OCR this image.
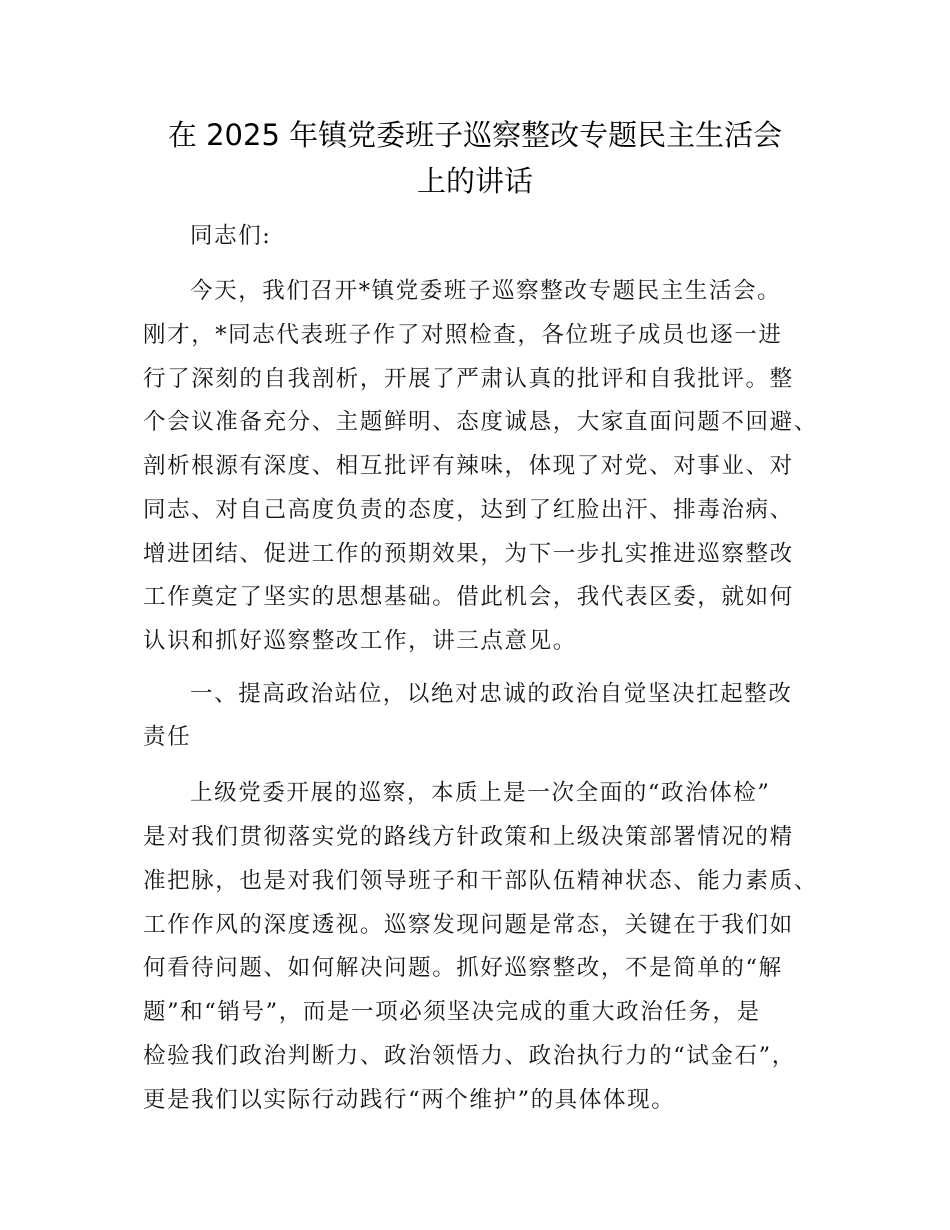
在 2025 年镇党委班子巡察整改专题民主生活会
上的讲话
同志们:
今天，我们召开*镇党委班子巡察整改专题民主生活会。
刚才，*同志代表班子作了对照检查，各位班子成员也逐一进
行了深刻的自我剖析，开展了严肃认真的批评和自我批评。整
个会议准备充分、主题鲜明、态度诚恳，大家直面问题不回避、
剖析根源有深度、相互批评有辣味，体现了对党、对事业、对
同志、对自己高度负责的态度，达到了红脸出汗、排毒治病、
增进团结、促进工作的预期效果，为下一步扎实推进巡察整改
工作奠定了坚实的思想基础。借此机会，我代表区委，就如何
认识和抓好巡察整改工作，讲三点意见。
一、提高政治站位，以绝对忠诚的政治自觉坚决扛起整改
责任
上级党委开展的巡察，本质上是一次全面的“政治体检”
是对我们贯彻落实党的路线方针政策和上级决策部署情况的精
准把脉，也是对我们领导班子和干部队伍精神状态、能力素质、
工作作风的深度透视。巡察发现问题是常态，关键在于我们如
何看待问题、如何解决问题。抓好巡察整改，不是简单的“解
题”和“销号”，而是一项必须坚决完成的重大政治任务，是
检验我们政治判断力、政治领悟力、政治执行力的“试金石”，
更是我们以实际行动践行“两个维护”的具体体现。
